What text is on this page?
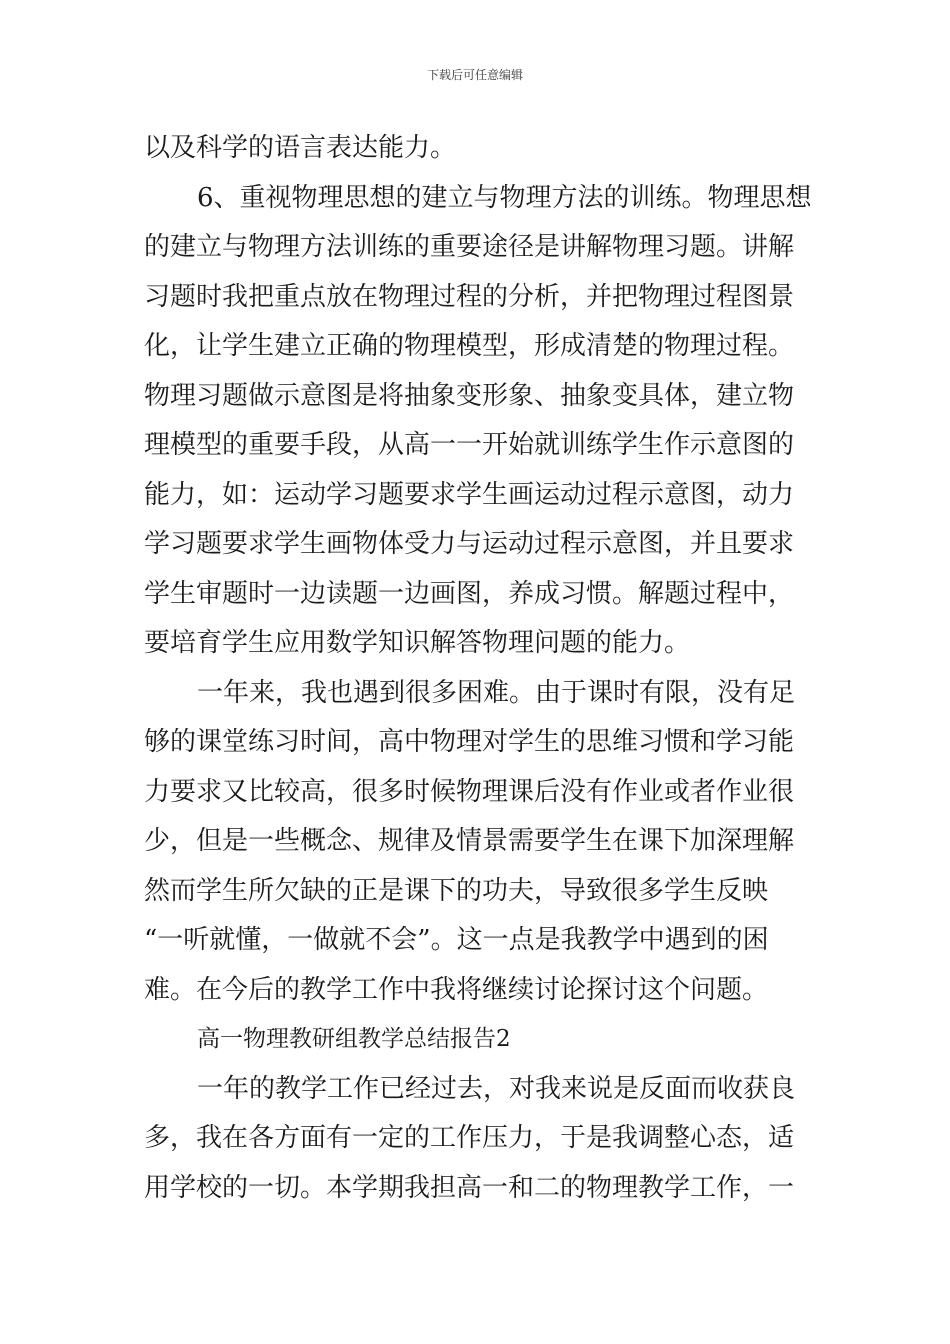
下载后可任意编辑
以及科学的语言表达能力。
6、重视物理思想的建立与物理方法的训练。物理思想
的建立与物理方法训练的重要途径是讲解物理习题。讲解
习题时我把重点放在物理过程的分析，并把物理过程图景
化，让学生建立正确的物理模型，形成清楚的物理过程。
物理习题做示意图是将抽象变形象、抽象变具体，建立物
理模型的重要手段，从高一一开始就训练学生作示意图的
能力，如：运动学习题要求学生画运动过程示意图，动力
学习题要求学生画物体受力与运动过程示意图，并且要求
学生审题时一边读题一边画图，养成习惯。解题过程中，
要培育学生应用数学知识解答物理问题的能力。
一年来，我也遇到很多困难。由于课时有限，没有足
够的课堂练习时间，高中物理对学生的思维习惯和学习能
力要求又比较高，很多时候物理课后没有作业或者作业很
少，但是一些概念、规律及情景需要学生在课下加深理解
然而学生所欠缺的正是课下的功夫，导致很多学生反映
“一听就懂，一做就不会”。这一点是我教学中遇到的困
难。在今后的教学工作中我将继续讨论探讨这个问题。
高一物理教研组教学总结报告2
一年的教学工作已经过去，对我来说是反面而收获良
多，我在各方面有一定的工作压力，于是我调整心态，适
用学校的一切。本学期我担高一和二的物理教学工作，一
